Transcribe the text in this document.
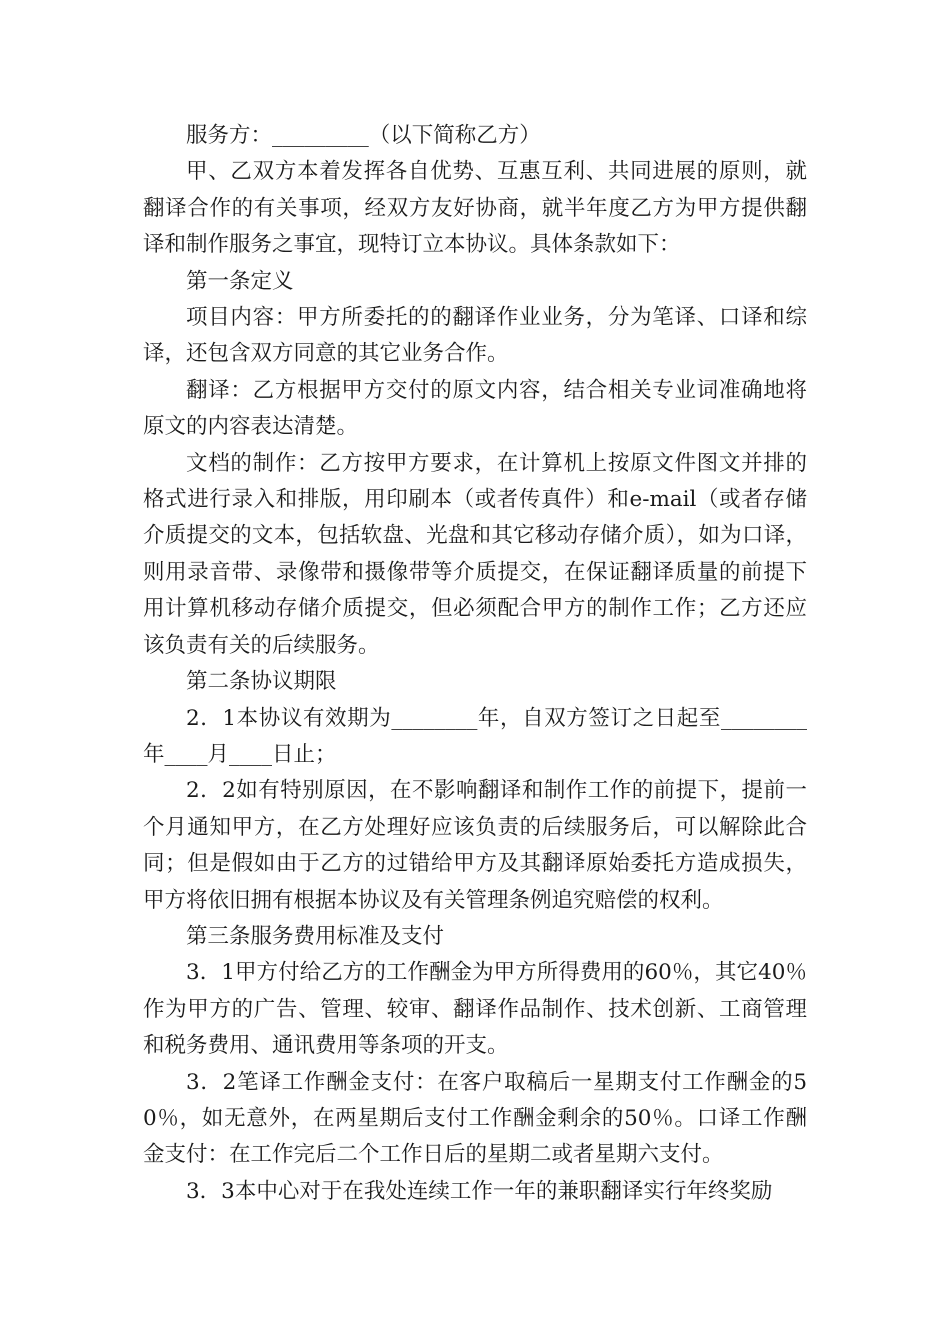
服务方：_________（以下简称乙方）

甲、乙双方本着发挥各自优势、互惠互利、共同进展的原则，就翻译合作的有关事项，经双方友好协商，就半年度乙方为甲方提供翻译和制作服务之事宜，现特订立本协议。具体条款如下：

第一条定义

项目内容：甲方所委托的的翻译作业业务，分为笔译、口译和综译，还包含双方同意的其它业务合作。

翻译：乙方根据甲方交付的原文内容，结合相关专业词准确地将原文的内容表达清楚。

文档的制作：乙方按甲方要求，在计算机上按原文件图文并排的格式进行录入和排版，用印刷本（或者传真件）和e-mail（或者存储介质提交的文本，包括软盘、光盘和其它移动存储介质），如为口译，则用录音带、录像带和摄像带等介质提交，在保证翻译质量的前提下用计算机移动存储介质提交，但必须配合甲方的制作工作；乙方还应该负责有关的后续服务。

第二条协议期限

2．1本协议有效期为________年，自双方签订之日起至________年____月____日止；

2．2如有特别原因，在不影响翻译和制作工作的前提下，提前一个月通知甲方，在乙方处理好应该负责的后续服务后，可以解除此合同；但是假如由于乙方的过错给甲方及其翻译原始委托方造成损失，甲方将依旧拥有根据本协议及有关管理条例追究赔偿的权利。

第三条服务费用标准及支付

3．1甲方付给乙方的工作酬金为甲方所得费用的60％，其它40％作为甲方的广告、管理、较审、翻译作品制作、技术创新、工商管理和税务费用、通讯费用等条项的开支。

3．2笔译工作酬金支付：在客户取稿后一星期支付工作酬金的50％，如无意外，在两星期后支付工作酬金剩余的50％。口译工作酬金支付：在工作完后二个工作日后的星期二或者星期六支付。

3．3本中心对于在我处连续工作一年的兼职翻译实行年终奖励
